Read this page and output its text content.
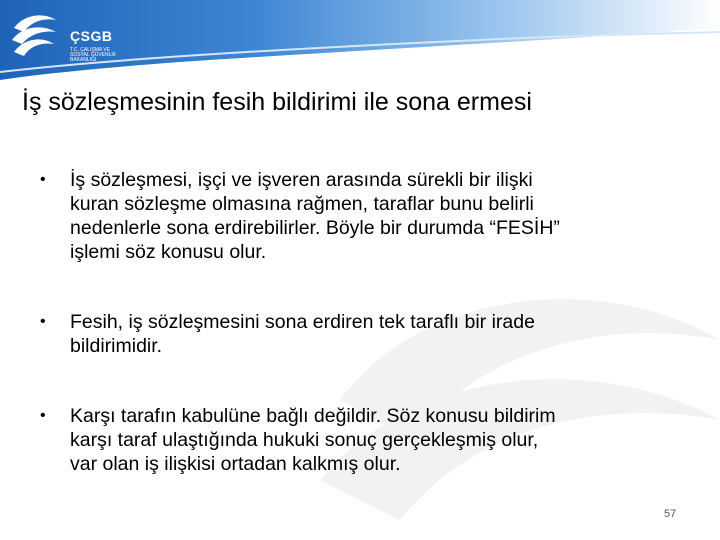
ÇSGB
T.C. ÇALIŞMA VE
SOSYAL GÜVENLİK
BAKANLIĞI
İş sözleşmesinin fesih bildirimi ile sona ermesi
• İş sözleşmesi, işçi ve işveren arasında sürekli bir ilişki
kuran sözleşme olmasına rağmen, taraflar bunu belirli
nedenlerle sona erdirebilirler. Böyle bir durumda “FESİH”
işlemi söz konusu olur.
• Fesih, iş sözleşmesini sona erdiren tek taraflı bir irade
bildirimidir.
• Karşı tarafın kabulüne bağlı değildir. Söz konusu bildirim
karşı taraf ulaştığında hukuki sonuç gerçekleşmiş olur,
var olan iş ilişkisi ortadan kalkmış olur.
57
